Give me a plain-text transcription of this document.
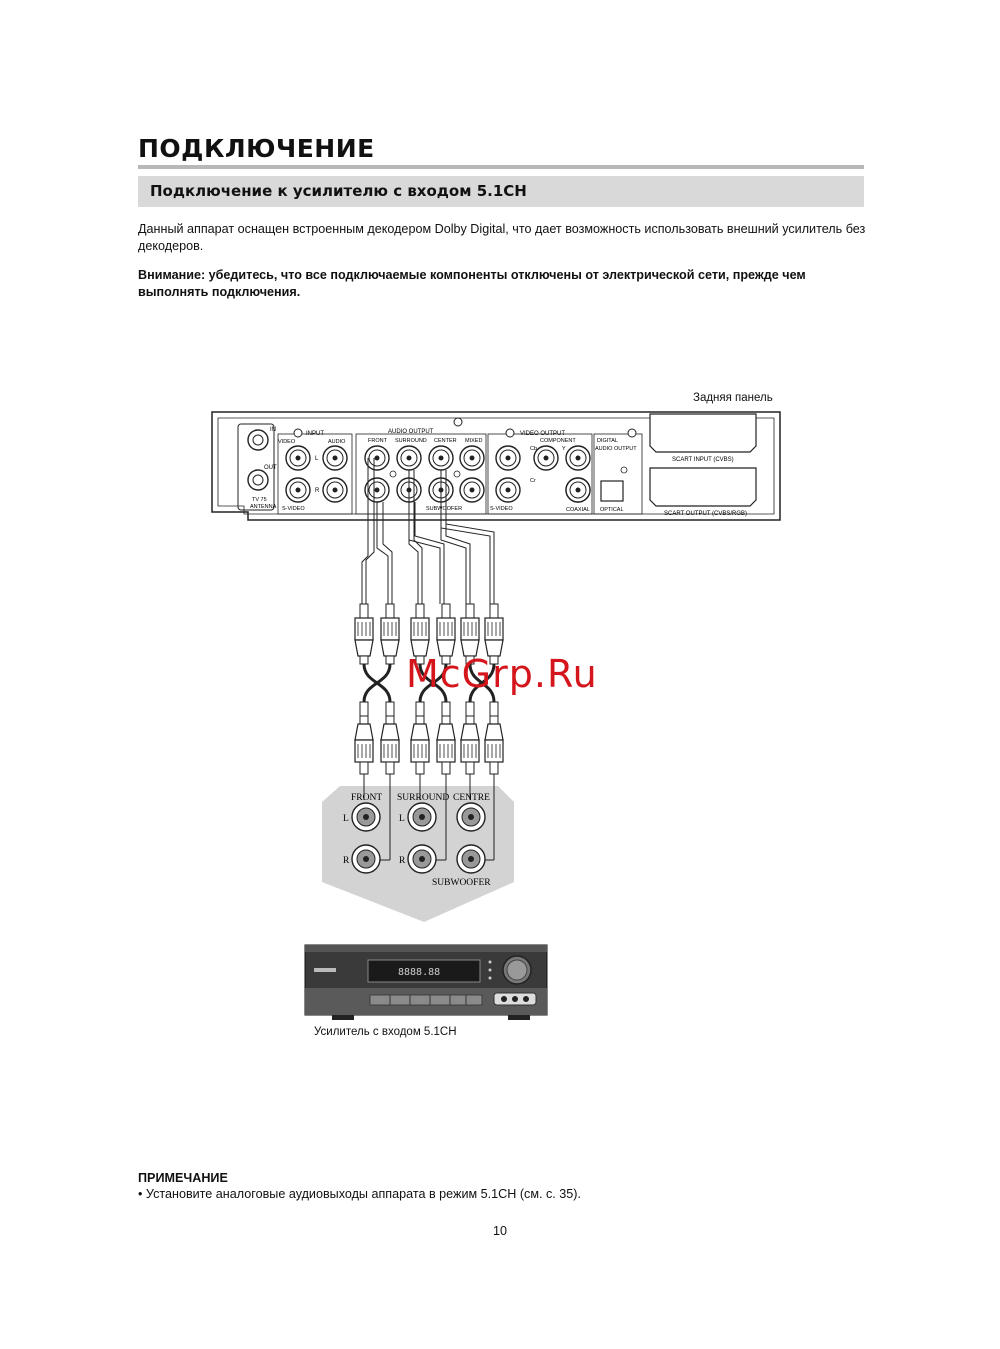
ПОДКЛЮЧЕНИЕ
Подключение к усилителю с входом 5.1CH
Данный аппарат оснащен встроенным декодером Dolby Digital, что дает возможность использовать внешний усилитель без декодеров.
Внимание: убедитесь, что все подключаемые компоненты отключены от электрической сети, прежде чем выполнять подключения.
IN
OUT
TV 75
ANTENNA
INPUT
VIDEO	AUDIO
L
R
S-VIDEO
AUDIO OUTPUT
FRONT SURROUND CENTER MIXED
SUBWOOFER
VIDEO OUTPUT
COMPONENT
Cb
Cr
Y
S-VIDEO
DIGITAL
AUDIO OUTPUT
COAXIAL OPTICAL
SCART INPUT (CVBS)
SCART OUTPUT (CVBS/RGB)
FRONT SURROUND CENTRE
L
R
L
R
SUBWOOFER
8888.88
Задняя панель
McGrp.Ru
Усилитель с входом 5.1CH
ПРИМЕЧАНИЕ
• Установите аналоговые аудиовыходы аппарата в режим 5.1CH (см. с. 35).
10
